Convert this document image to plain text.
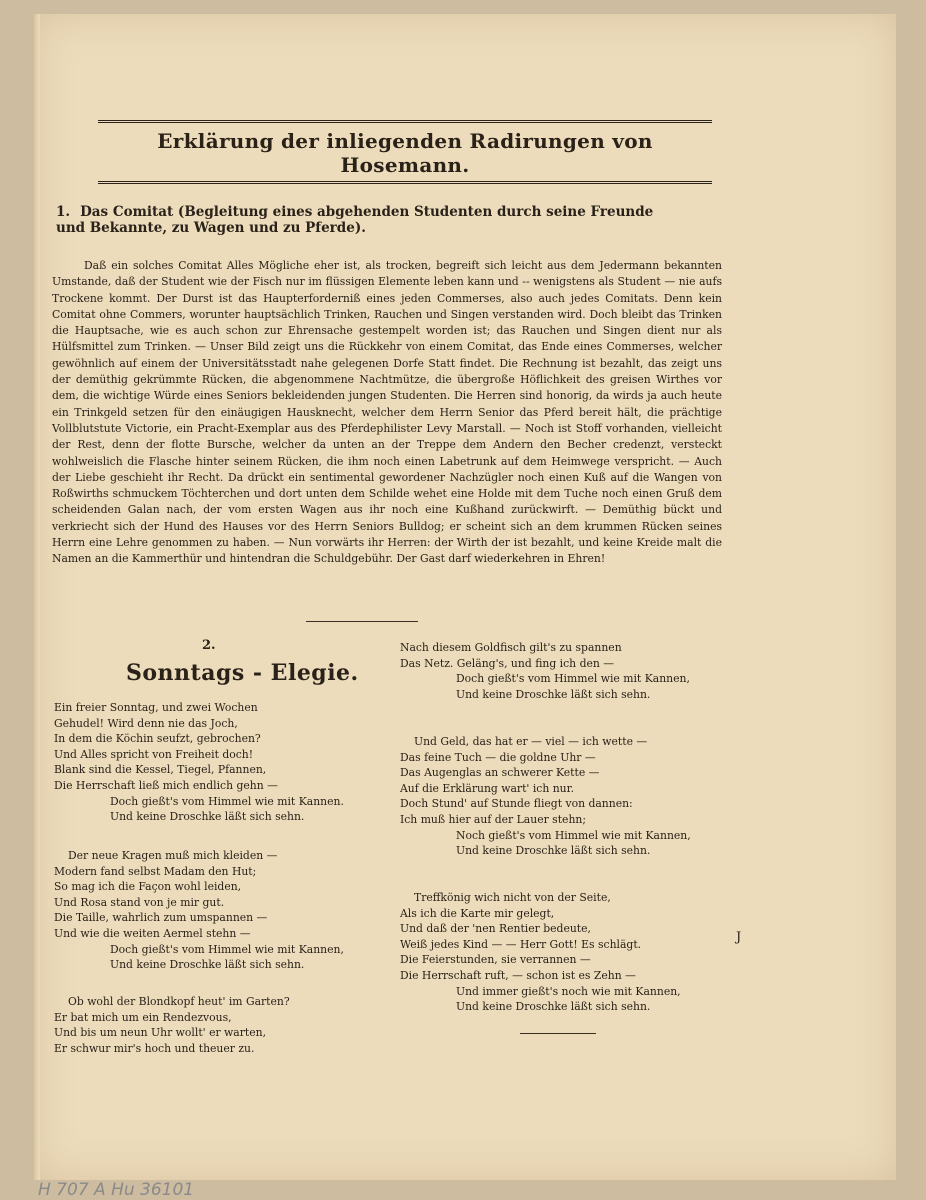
Erklärung der inliegenden Radirungen von Hosemann.
1. Das Comitat (Begleitung eines abgehenden Studenten durch seine Freunde
und Bekannte, zu Wagen und zu Pferde).

Daß ein solches Comitat Alles Mögliche eher ist, als trocken, begreift sich leicht aus dem Jedermann bekannten Umstande, daß der Student wie der Fisch nur im flüssigen Elemente leben kann und -- wenigstens als Student — nie aufs Trockene kommt. Der Durst ist das Haupterforderniß eines jeden Commerses, also auch jedes Comitats. Denn kein Comitat ohne Commers, worunter hauptsächlich Trinken, Rauchen und Singen verstanden wird. Doch bleibt das Trinken die Hauptsache, wie es auch schon zur Ehrensache gestempelt worden ist; das Rauchen und Singen dient nur als Hülfsmittel zum Trinken. — Unser Bild zeigt uns die Rückkehr von einem Comitat, das Ende eines Commerses, welcher gewöhnlich auf einem der Universitätsstadt nahe gelegenen Dorfe Statt findet. Die Rechnung ist bezahlt, das zeigt uns der demüthig gekrümmte Rücken, die abgenommene Nachtmütze, die übergroße Höflichkeit des greisen Wirthes vor dem, die wichtige Würde eines Seniors bekleidenden jungen Studenten. Die Herren sind honorig, da wirds ja auch heute ein Trinkgeld setzen für den einäugigen Hausknecht, welcher dem Herrn Senior das Pferd bereit hält, die prächtige Vollblutstute Victorie, ein Pracht-Exemplar aus des Pferdephilister Levy Marstall. — Noch ist Stoff vorhanden, vielleicht der Rest, denn der flotte Bursche, welcher da unten an der Treppe dem Andern den Becher credenzt, versteckt wohlweislich die Flasche hinter seinem Rücken, die ihm noch einen Labetrunk auf dem Heimwege verspricht. — Auch der Liebe geschieht ihr Recht. Da drückt ein sentimental gewordener Nachzügler noch einen Kuß auf die Wangen von Roßwirths schmuckem Töchterchen und dort unten dem Schilde wehet eine Holde mit dem Tuche noch einen Gruß dem scheidenden Galan nach, der vom ersten Wagen aus ihr noch eine Kußhand zurückwirft. — Demüthig bückt und verkriecht sich der Hund des Hauses vor des Herrn Seniors Bulldog; er scheint sich an dem krummen Rücken seines Herrn eine Lehre genommen zu haben. — Nun vorwärts ihr Herren: der Wirth der ist bezahlt, und keine Kreide malt die Namen an die Kammerthür und hintendran die Schuldgebühr. Der Gast darf wiederkehren in Ehren!

2.
Sonntags - Elegie.
Ein freier Sonntag, und zwei Wochen
Gehudel! Wird denn nie das Joch,
In dem die Köchin seufzt, gebrochen?
Und Alles spricht von Freiheit doch!
Blank sind die Kessel, Tiegel, Pfannen,
Die Herrschaft ließ mich endlich gehn —
Doch gießt's vom Himmel wie mit Kannen.
Und keine Droschke läßt sich sehn.
Der neue Kragen muß mich kleiden —
Modern fand selbst Madam den Hut;
So mag ich die Façon wohl leiden,
Und Rosa stand von je mir gut.
Die Taille, wahrlich zum umspannen —
Und wie die weiten Aermel stehn —
Doch gießt's vom Himmel wie mit Kannen,
Und keine Droschke läßt sich sehn.
Ob wohl der Blondkopf heut' im Garten?
Er bat mich um ein Rendezvous,
Und bis um neun Uhr wollt' er warten,
Er schwur mir's hoch und theuer zu.
Nach diesem Goldfisch gilt's zu spannen
Das Netz. Geläng's, und fing ich den —
Doch gießt's vom Himmel wie mit Kannen,
Und keine Droschke läßt sich sehn.
Und Geld, das hat er — viel — ich wette —
Das feine Tuch — die goldne Uhr —
Das Augenglas an schwerer Kette —
Auf die Erklärung wart' ich nur.
Doch Stund' auf Stunde fliegt von dannen:
Ich muß hier auf der Lauer stehn;
Noch gießt's vom Himmel wie mit Kannen,
Und keine Droschke läßt sich sehn.
Treffkönig wich nicht von der Seite,
Als ich die Karte mir gelegt,
Und daß der 'nen Rentier bedeute,
Weiß jedes Kind — — Herr Gott! Es schlägt.
Die Feierstunden, sie verrannen —
Die Herrschaft ruft, — schon ist es Zehn —
Und immer gießt's noch wie mit Kannen,
Und keine Droschke läßt sich sehn.
J
H 707 A Hu 36101
